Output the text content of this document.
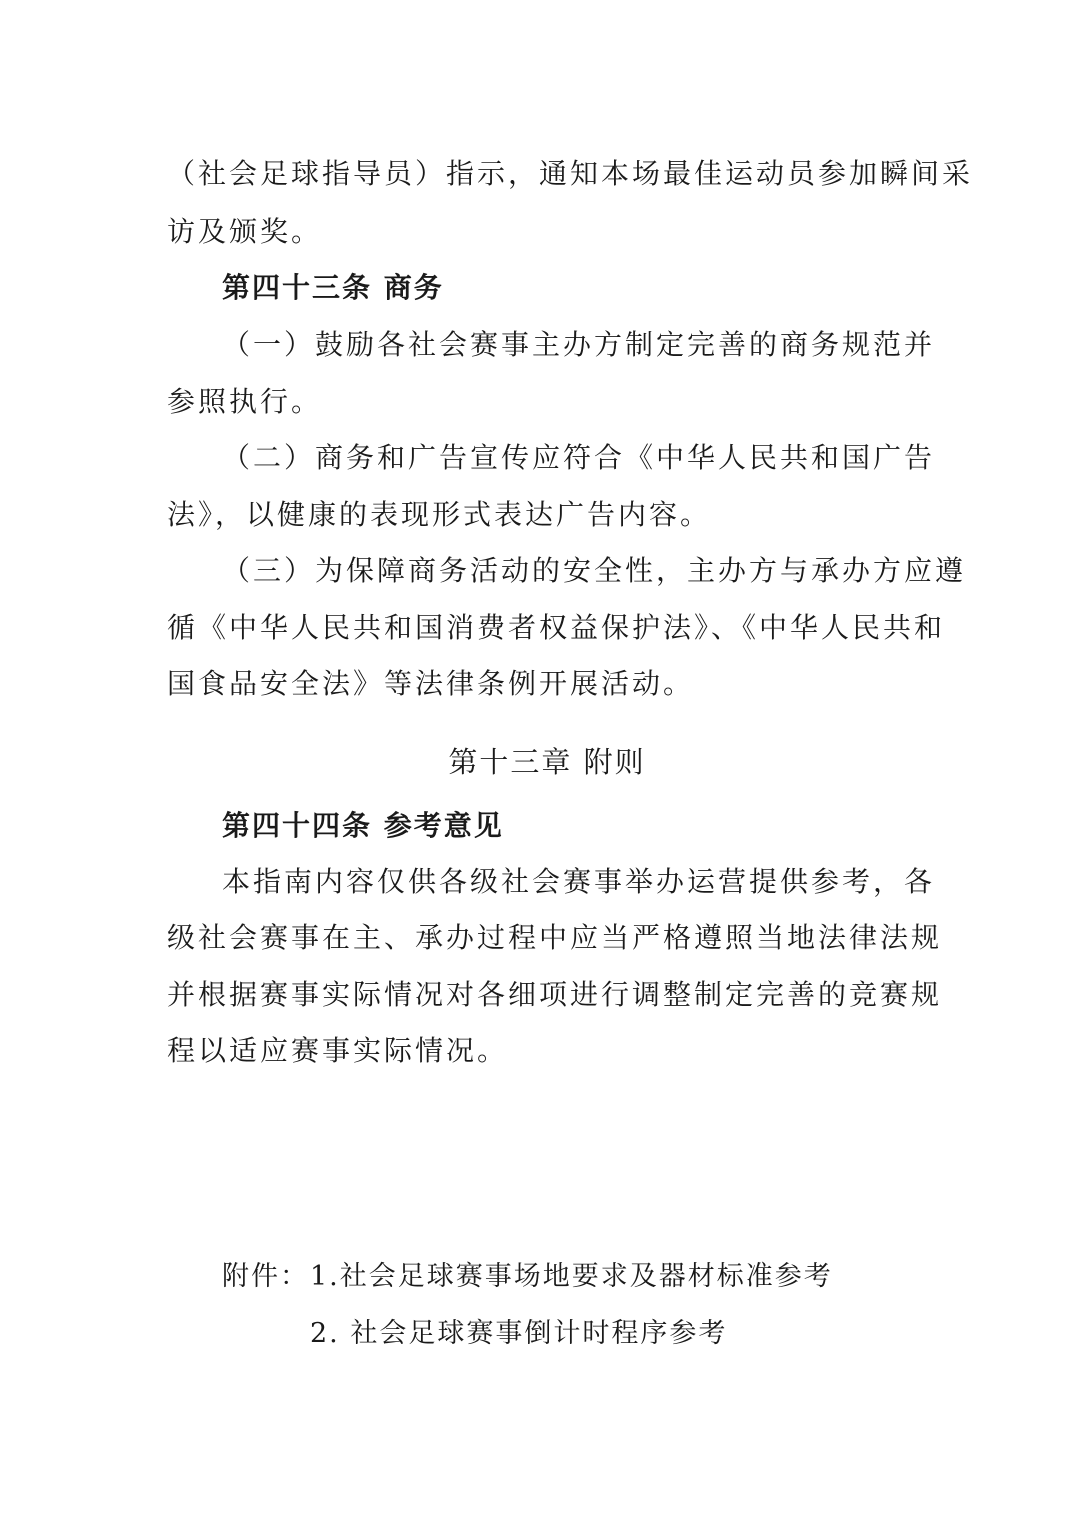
（社会足球指导员）指示，通知本场最佳运动员参加瞬间采
访及颁奖。
第四十三条 商务
（一）鼓励各社会赛事主办方制定完善的商务规范并
参照执行。
（二）商务和广告宣传应符合《中华人民共和国广告
法》，以健康的表现形式表达广告内容。
（三）为保障商务活动的安全性，主办方与承办方应遵
循《中华人民共和国消费者权益保护法》、《中华人民共和
国食品安全法》等法律条例开展活动。
第十三章 附则
第四十四条 参考意见
本指南内容仅供各级社会赛事举办运营提供参考，各
级社会赛事在主、承办过程中应当严格遵照当地法律法规
并根据赛事实际情况对各细项进行调整制定完善的竞赛规
程以适应赛事实际情况。
附件： 1.社会足球赛事场地要求及器材标准参考
2. 社会足球赛事倒计时程序参考
